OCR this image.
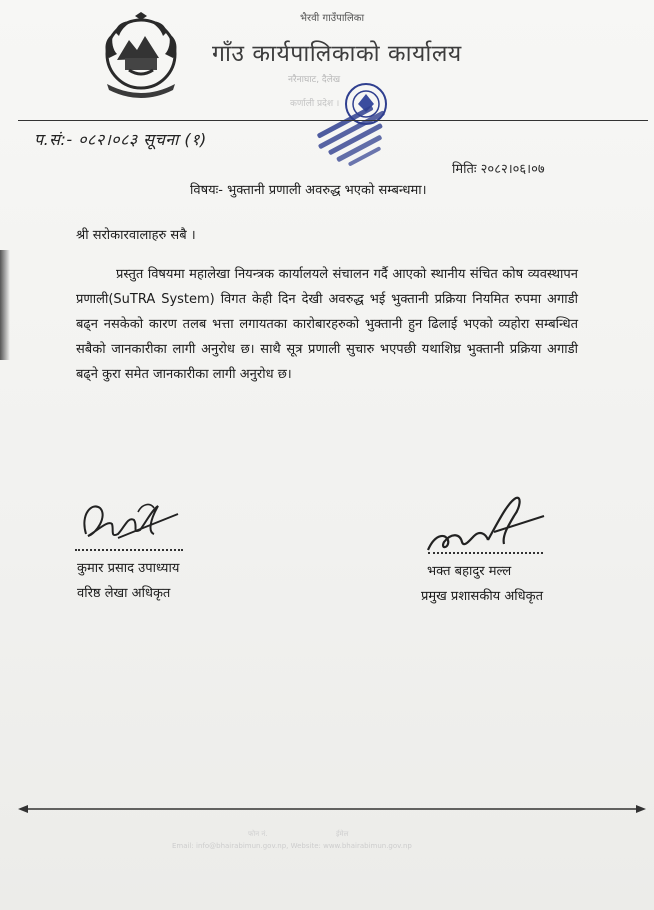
भैरवी गाउँपालिका
गाँउ कार्यपालिकाको कार्यालय
नरैनाघाट, दैलेख
कर्णाली प्रदेश ।
प.सं:- ०८२।०८३ सूचना (१)
मितिः २०८२।०६।०७
विषयः- भुक्तानी प्रणाली अवरुद्ध भएको सम्बन्धमा।
श्री सरोकारवालाहरु सबै ।
प्रस्तुत विषयमा महालेखा नियन्त्रक कार्यालयले संचालन गर्दै आएको स्थानीय संचित कोष व्यवस्थापन प्रणाली(SuTRA System) विगत केही दिन देखी अवरुद्ध भई भुक्तानी प्रक्रिया नियमित रुपमा अगाडी बढ्न नसकेको कारण तलब भत्ता लगायतका कारोबारहरुको भुक्तानी हुन ढिलाई भएको व्यहोरा सम्बन्धित सबैको जानकारीका लागी अनुरोध छ। साथै सूत्र प्रणाली सुचारु भएपछी यथाशिघ्र भुक्तानी प्रक्रिया अगाडी बढ्ने कुरा समेत जानकारीका लागी अनुरोध छ।
कुमार प्रसाद उपाध्याय
वरिष्ठ लेखा अधिकृत
भक्त बहादुर मल्ल
प्रमुख प्रशासकीय अधिकृत
फोन नं.	ईमेल
Email: info@bhairabimun.gov.np, Website: www.bhairabimun.gov.np
